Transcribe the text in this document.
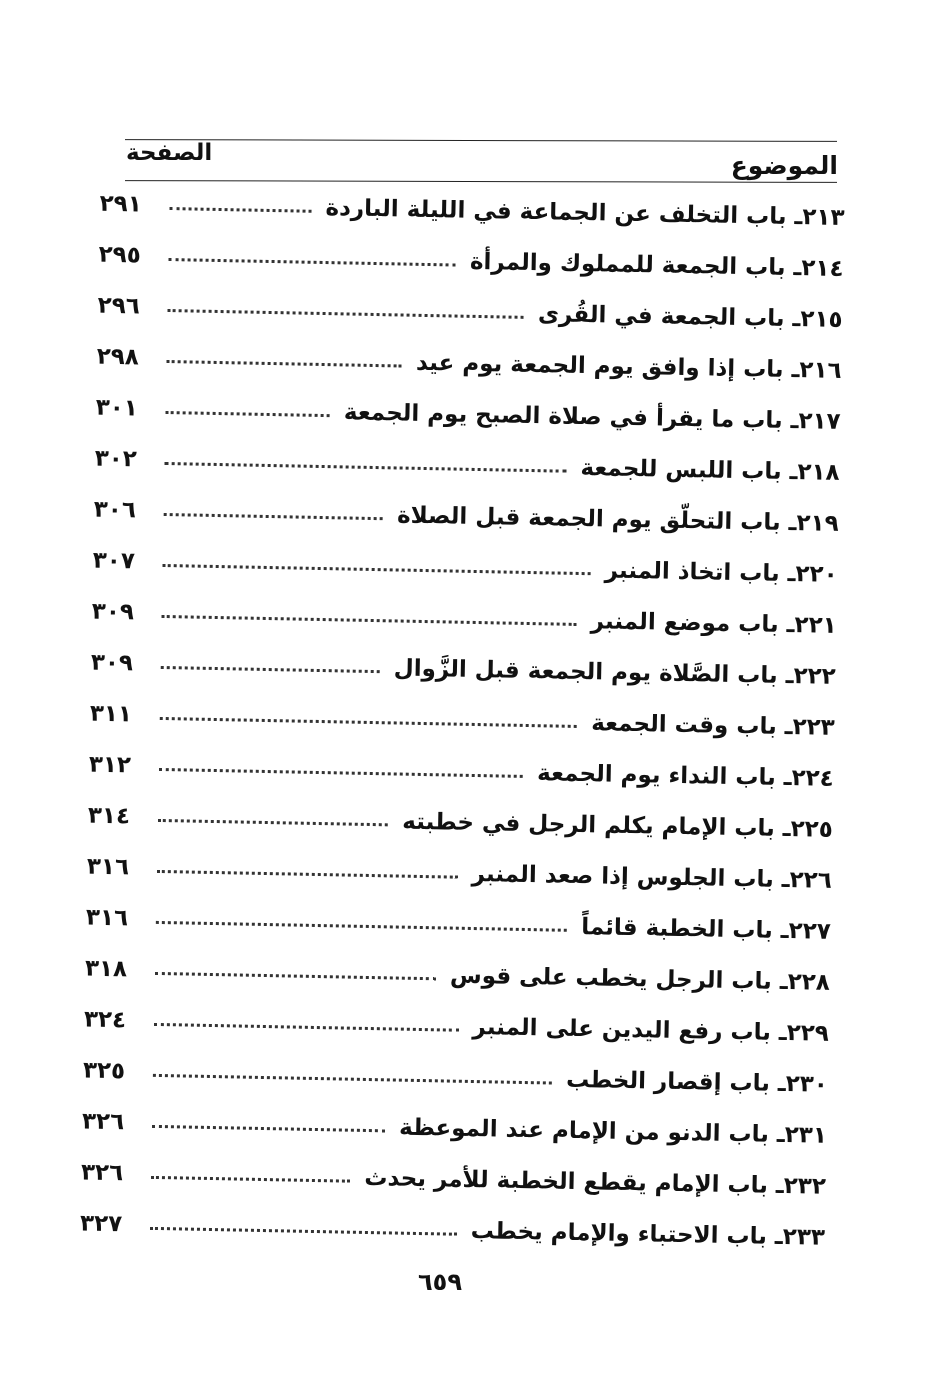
الموضوع
الصفحة
٢١٣ـ باب التخلف عن الجماعة في الليلة الباردة
٢٩١
٢١٤ـ باب الجمعة للمملوك والمرأة
٢٩٥
٢١٥ـ باب الجمعة في القُرى
٢٩٦
٢١٦ـ باب إذا وافق يوم الجمعة يوم عيد
٢٩٨
٢١٧ـ باب ما يقرأ في صلاة الصبح يوم الجمعة
٣٠١
٢١٨ـ باب اللبس للجمعة
٣٠٢
٢١٩ـ باب التحلّق يوم الجمعة قبل الصلاة
٣٠٦
٢٢٠ـ باب اتخاذ المنبر
٣٠٧
٢٢١ـ باب موضع المنبر
٣٠٩
٢٢٢ـ باب الصَّلاة يوم الجمعة قبل الزَّوال
٣٠٩
٢٢٣ـ باب وقت الجمعة
٣١١
٢٢٤ـ باب النداء يوم الجمعة
٣١٢
٢٢٥ـ باب الإمام يكلم الرجل في خطبته
٣١٤
٢٢٦ـ باب الجلوس إذا صعد المنبر
٣١٦
٢٢٧ـ باب الخطبة قائماً
٣١٦
٢٢٨ـ باب الرجل يخطب على قوس
٣١٨
٢٢٩ـ باب رفع اليدين على المنبر
٣٢٤
٢٣٠ـ باب إقصار الخطب
٣٢٥
٢٣١ـ باب الدنو من الإمام عند الموعظة
٣٢٦
٢٣٢ـ باب الإمام يقطع الخطبة للأمر يحدث
٣٢٦
٢٣٣ـ باب الاحتباء والإمام يخطب
٣٢٧
٦٥٩
